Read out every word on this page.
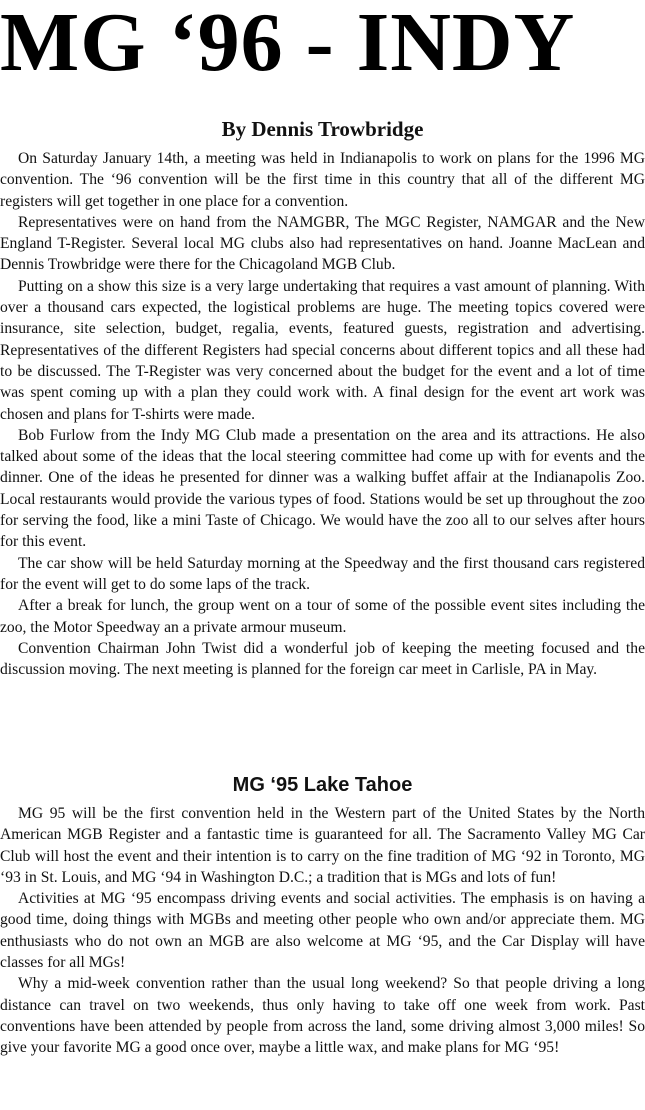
MG ‘96 - INDY
By Dennis Trowbridge

On Saturday January 14th, a meeting was held in Indianapolis to work on plans for the 1996 MG convention. The ‘96 convention will be the first time in this country that all of the different MG registers will get together in one place for a convention.

Representatives were on hand from the NAMGBR, The MGC Register, NAMGAR and the New England T-Register. Several local MG clubs also had representatives on hand. Joanne MacLean and Dennis Trowbridge were there for the Chicagoland MGB Club.

Putting on a show this size is a very large undertaking that requires a vast amount of planning. With over a thousand cars expected, the logistical problems are huge. The meeting topics covered were insurance, site selection, budget, regalia, events, featured guests, registration and advertising. Representatives of the different Registers had special concerns about different topics and all these had to be discussed. The T-Register was very concerned about the budget for the event and a lot of time was spent coming up with a plan they could work with. A final design for the event art work was chosen and plans for T-shirts were made.

Bob Furlow from the Indy MG Club made a presentation on the area and its attractions. He also talked about some of the ideas that the local steering committee had come up with for events and the dinner. One of the ideas he presented for dinner was a walking buffet affair at the Indianapolis Zoo. Local restaurants would provide the various types of food. Stations would be set up throughout the zoo for serving the food, like a mini Taste of Chicago. We would have the zoo all to our selves after hours for this event.

The car show will be held Saturday morning at the Speedway and the first thousand cars registered for the event will get to do some laps of the track.

After a break for lunch, the group went on a tour of some of the possible event sites including the zoo, the Motor Speedway an a private armour museum.

Convention Chairman John Twist did a wonderful job of keeping the meeting focused and the discussion moving. The next meeting is planned for the foreign car meet in Carlisle, PA in May.

MG ‘95 Lake Tahoe

MG 95 will be the first convention held in the Western part of the United States by the North American MGB Register and a fantastic time is guaranteed for all. The Sacramento Valley MG Car Club will host the event and their intention is to carry on the fine tradition of MG ‘92 in Toronto, MG ‘93 in St. Louis, and MG ‘94 in Washington D.C.; a tradition that is MGs and lots of fun!

Activities at MG ‘95 encompass driving events and social activities. The emphasis is on having a good time, doing things with MGBs and meeting other people who own and/or appreciate them. MG enthusiasts who do not own an MGB are also welcome at MG ‘95, and the Car Display will have classes for all MGs!

Why a mid-week convention rather than the usual long weekend? So that people driving a long distance can travel on two weekends, thus only having to take off one week from work. Past conventions have been attended by people from across the land, some driving almost 3,000 miles! So give your favorite MG a good once over, maybe a little wax, and make plans for MG ‘95!
